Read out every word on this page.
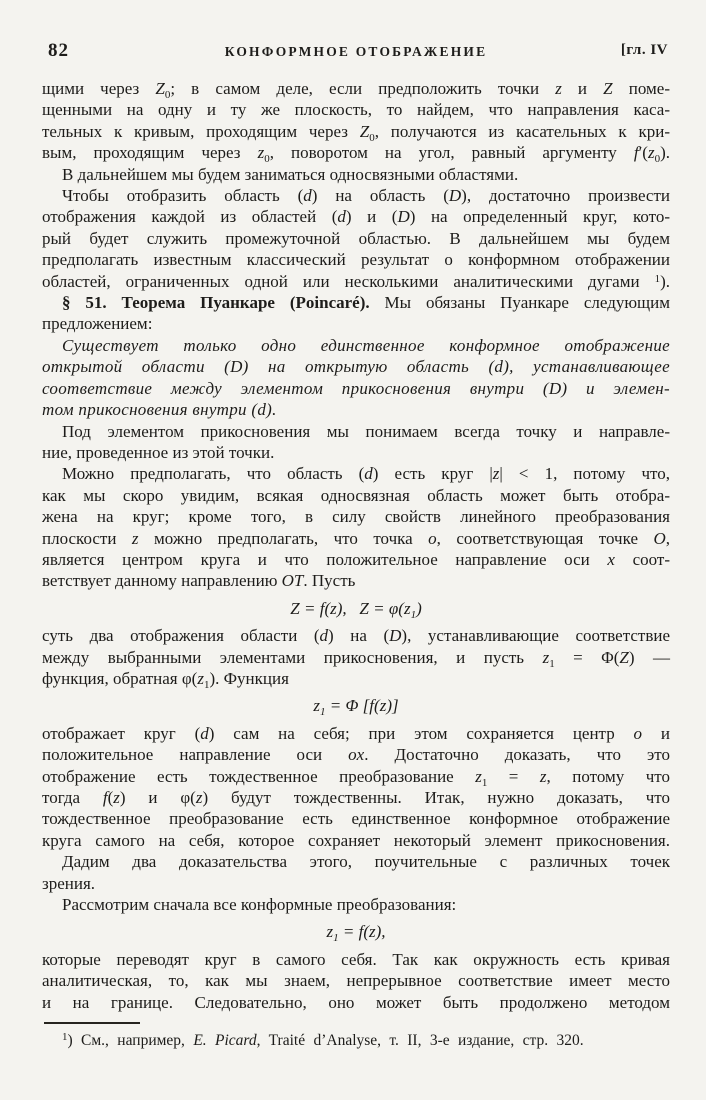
82	КОНФОРМНОЕ ОТОБРАЖЕНИЕ	[гл. IV
щими через $Z_0$; в самом деле, если предположить точки z и Z поме-
щенными на одну и ту же плоскость, то найдем, что направления каса-
тельных к кривым, проходящим через $Z_0$, получаются из касательных к кри-
вым, проходящим через $z_0$, поворотом на угол, равный аргументу $f'(z_0)$.
В дальнейшем мы будем заниматься односвязными областями.
Чтобы отобразить область (d) на область (D), достаточно произвести
отображения каждой из областей (d) и (D) на определенный круг, кото-
рый будет служить промежуточной областью. В дальнейшем мы будем
предполагать известным классический результат о конформном отображении
областей, ограниченных одной или несколькими аналитическими дугами $^1$).
§ 51. Теорема Пуанкаре (Poincaré). Мы обязаны Пуанкаре следующим
предложением:
Существует только одно единственное конформное отображение
открытой области (D) на открытую область (d), устанавливающее
соответствие между элементом прикосновения внутри (D) и элемен-
том прикосновения внутри (d).
Под элементом прикосновения мы понимаем всегда точку и направле-
ние, проведенное из этой точки.
Можно предполагать, что область (d) есть круг |z| < 1, потому что,
как мы скоро увидим, всякая односвязная область может быть отобра-
жена на круг; кроме того, в силу свойств линейного преобразования
плоскости z можно предполагать, что точка o, соответствующая точке O,
является центром круга и что положительное направление оси x соот-
ветствует данному направлению ОТ. Пусть
Z = f(z),   $Z = \varphi(z_1)$
суть два отображения области (d) на (D), устанавливающие соответствие
между выбранными элементами прикосновения, и пусть $z_1 = \Phi(Z)$ —
функция, обратная $\varphi(z_1)$. Функция
$z_1 = \Phi$ [f(z)]
отображает круг (d) сам на себя; при этом сохраняется центр o и
положительное направление оси ox. Достаточно доказать, что это
отображение есть тождественное преобразование $z_1 = z$, потому что
тогда f(z) и φ(z) будут тождественны. Итак, нужно доказать, что
тождественное преобразование есть единственное конформное отображение
круга самого на себя, которое сохраняет некоторый элемент прикосновения.
Дадим два доказательства этого, поучительные с различных точек
зрения.
Рассмотрим сначала все конформные преобразования:
$z_1 = f(z)$,
которые переводят круг в самого себя. Так как окружность есть кривая
аналитическая, то, как мы знаем, непрерывное соответствие имеет место
и на границе. Следовательно, оно может быть продолжено методом
$^1$) См., например, E. Picard, Traité d’Analyse, т. II, 3-е издание, стр. 320.
